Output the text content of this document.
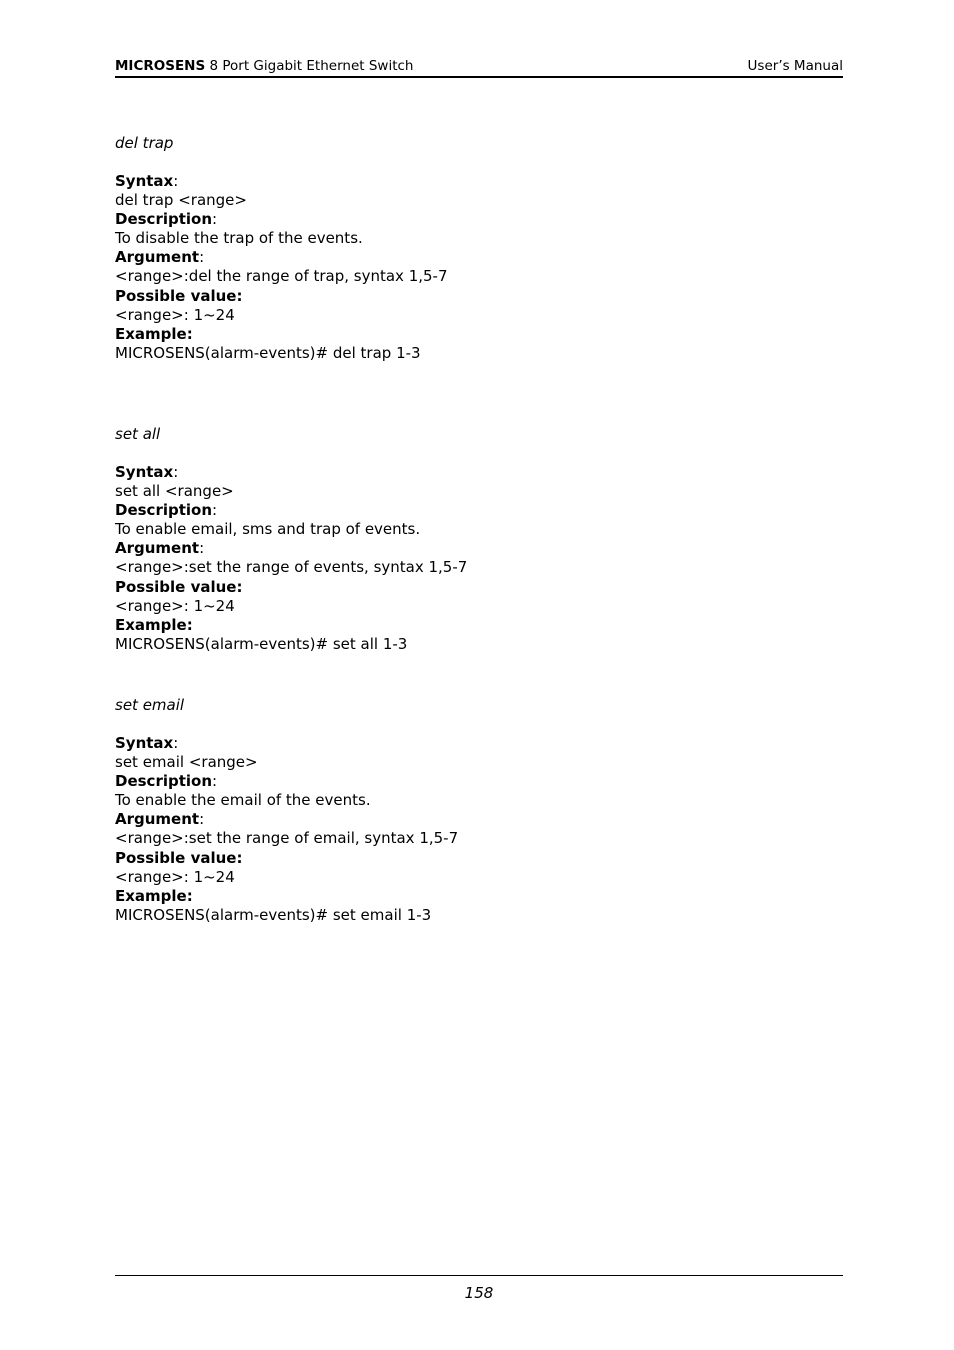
MICROSENS 8 Port Gigabit Ethernet Switch	User’s Manual
del trap
Syntax:
del trap <range>
Description:
To disable the trap of the events.
Argument:
<range>:del the range of trap, syntax 1,5-7
Possible value:
<range>: 1~24
Example:
MICROSENS(alarm-events)# del trap 1-3
set all
Syntax:
set all <range>
Description:
To enable email, sms and trap of events.
Argument:
<range>:set the range of events, syntax 1,5-7
Possible value:
<range>: 1~24
Example:
MICROSENS(alarm-events)# set all 1-3
set email
Syntax:
set email <range>
Description:
To enable the email of the events.
Argument:
<range>:set the range of email, syntax 1,5-7
Possible value:
<range>: 1~24
Example:
MICROSENS(alarm-events)# set email 1-3
158
